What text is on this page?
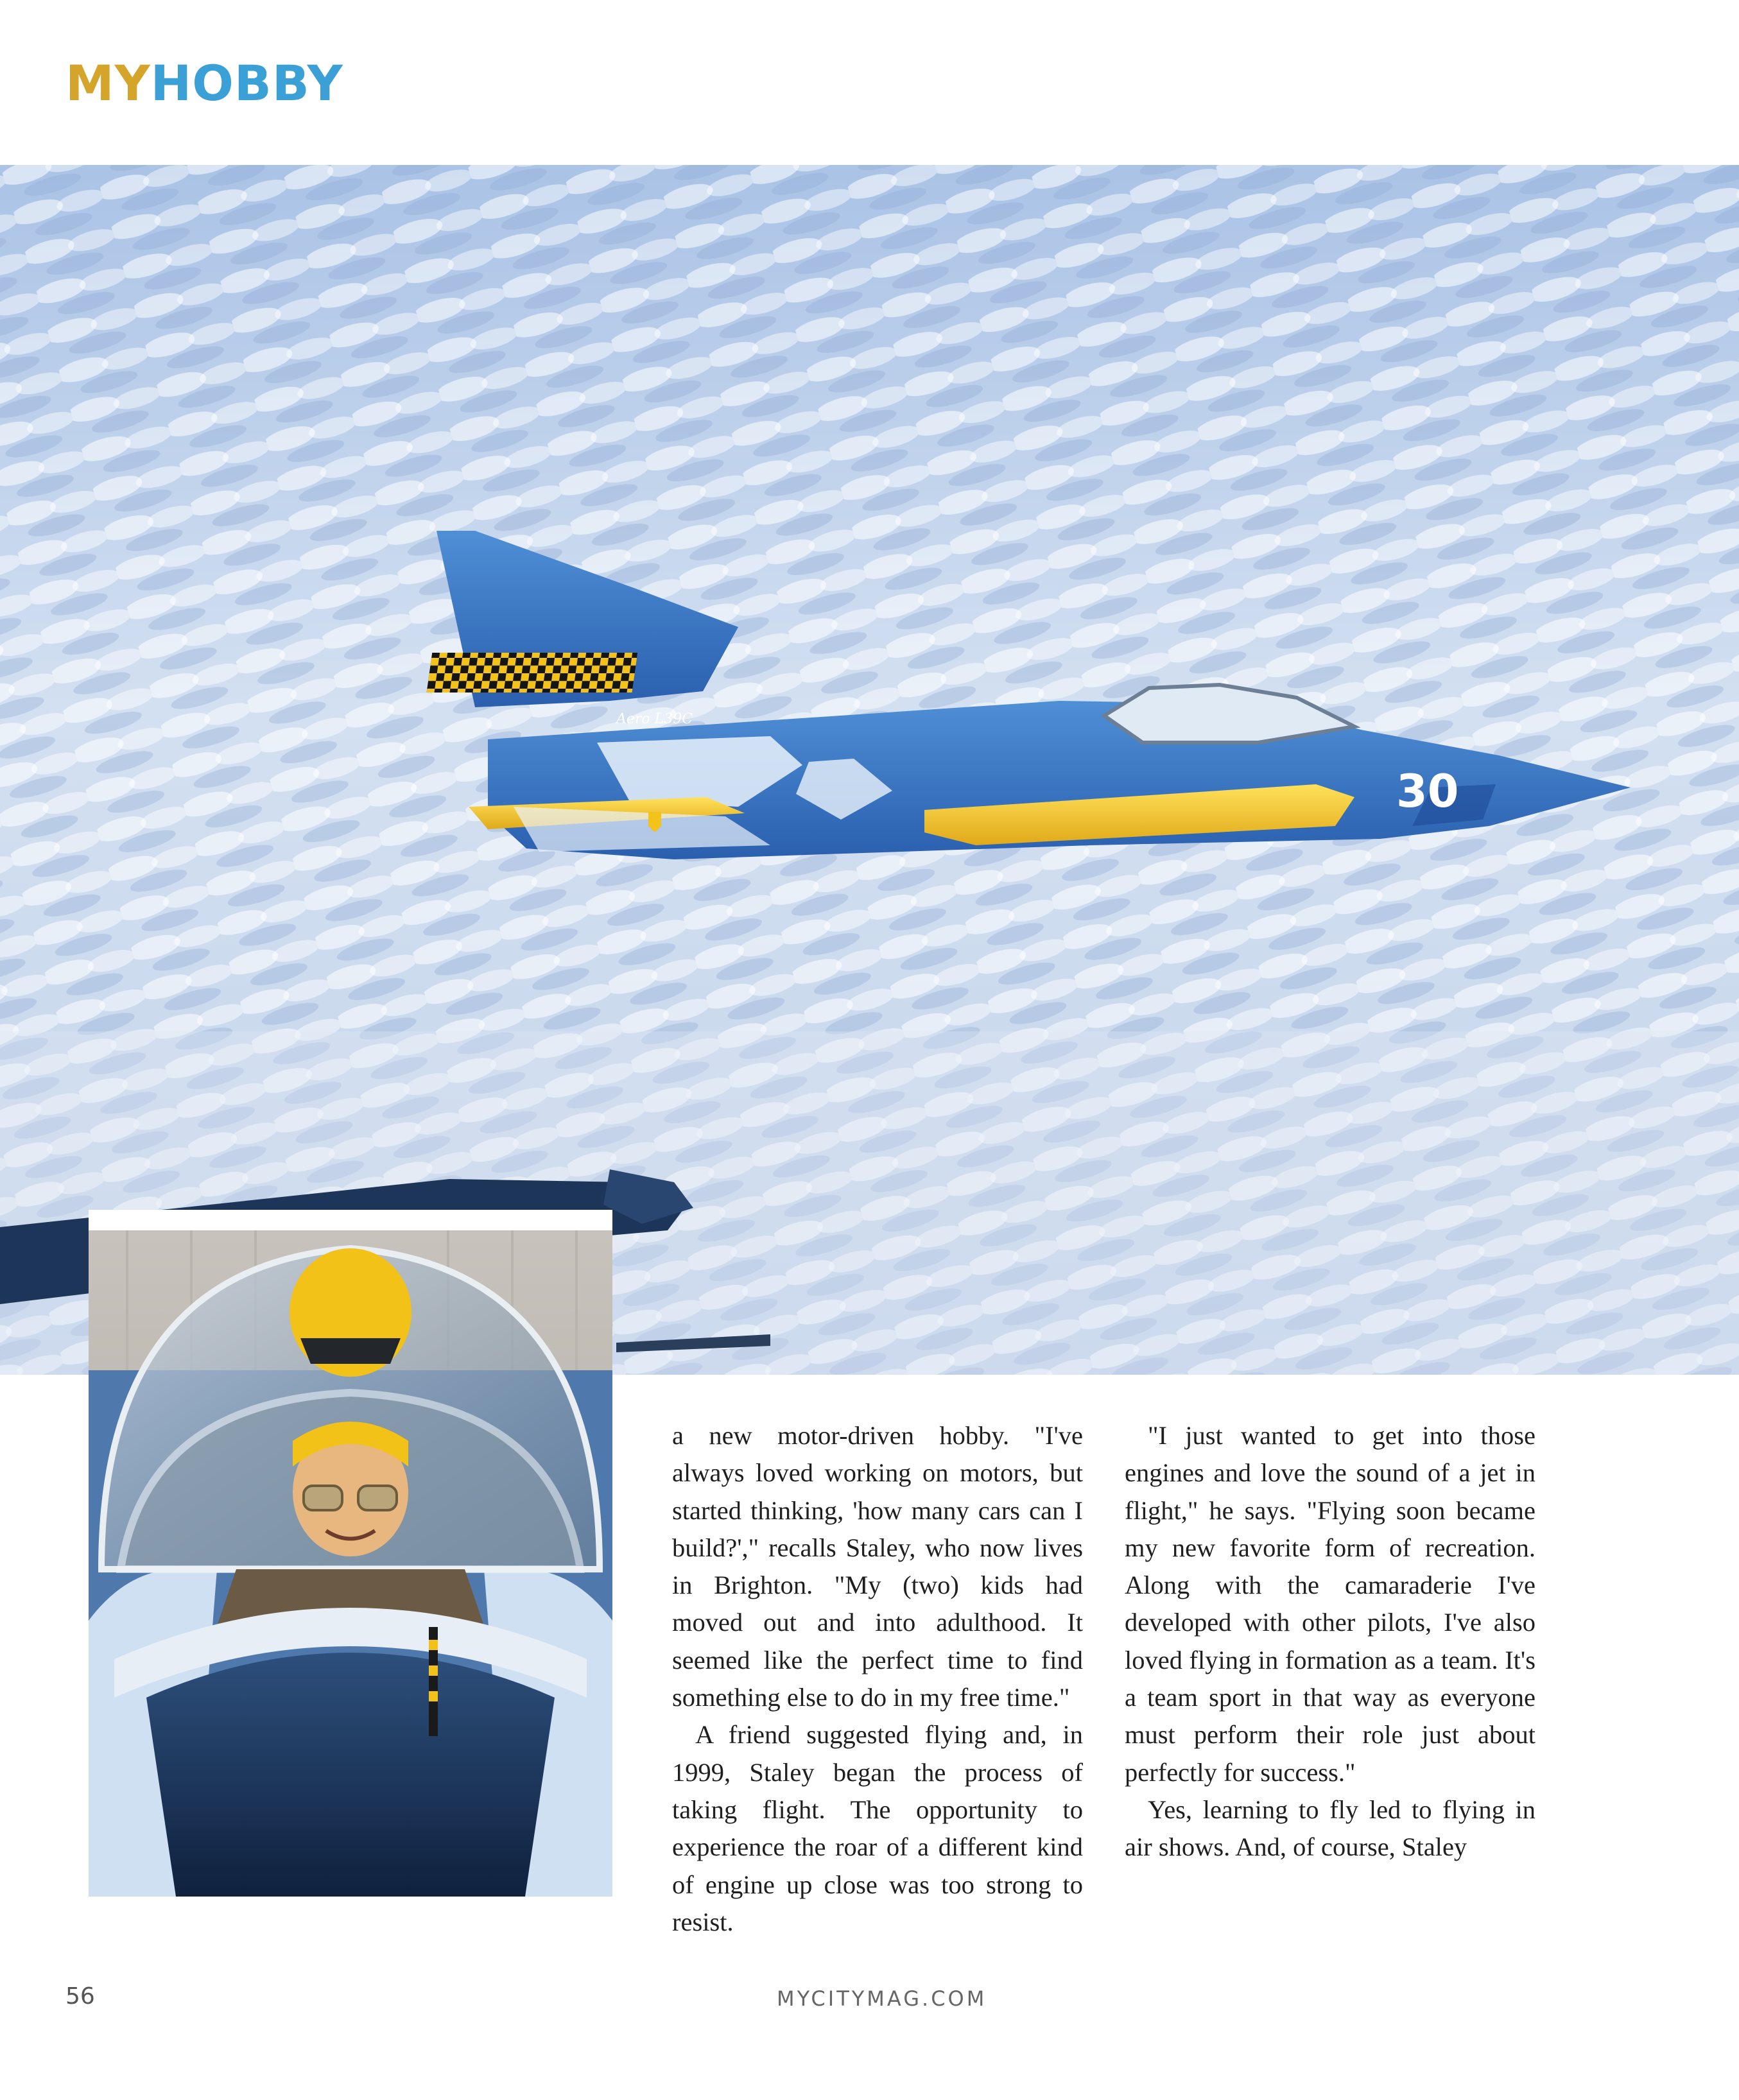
MYHOBBY
30
Aero L39C

a new motor-driven hobby. "I've always loved working on motors, but started thinking, 'how many cars can I build?'," recalls Staley, who now lives in Brighton. "My (two) kids had moved out and into adulthood. It seemed like the perfect time to find something else to do in my free time."

A friend suggested flying and, in 1999, Staley began the process of taking flight. The opportunity to experience the roar of a different kind of engine up close was too strong to resist.

"I just wanted to get into those engines and love the sound of a jet in flight," he says. "Flying soon became my new favorite form of recreation. Along with the camaraderie I've developed with other pilots, I've also loved flying in formation as a team. It's a team sport in that way as everyone must perform their role just about perfectly for success."

Yes, learning to fly led to flying in air shows. And, of course, Staley

56	MYCITYMAG.COM
